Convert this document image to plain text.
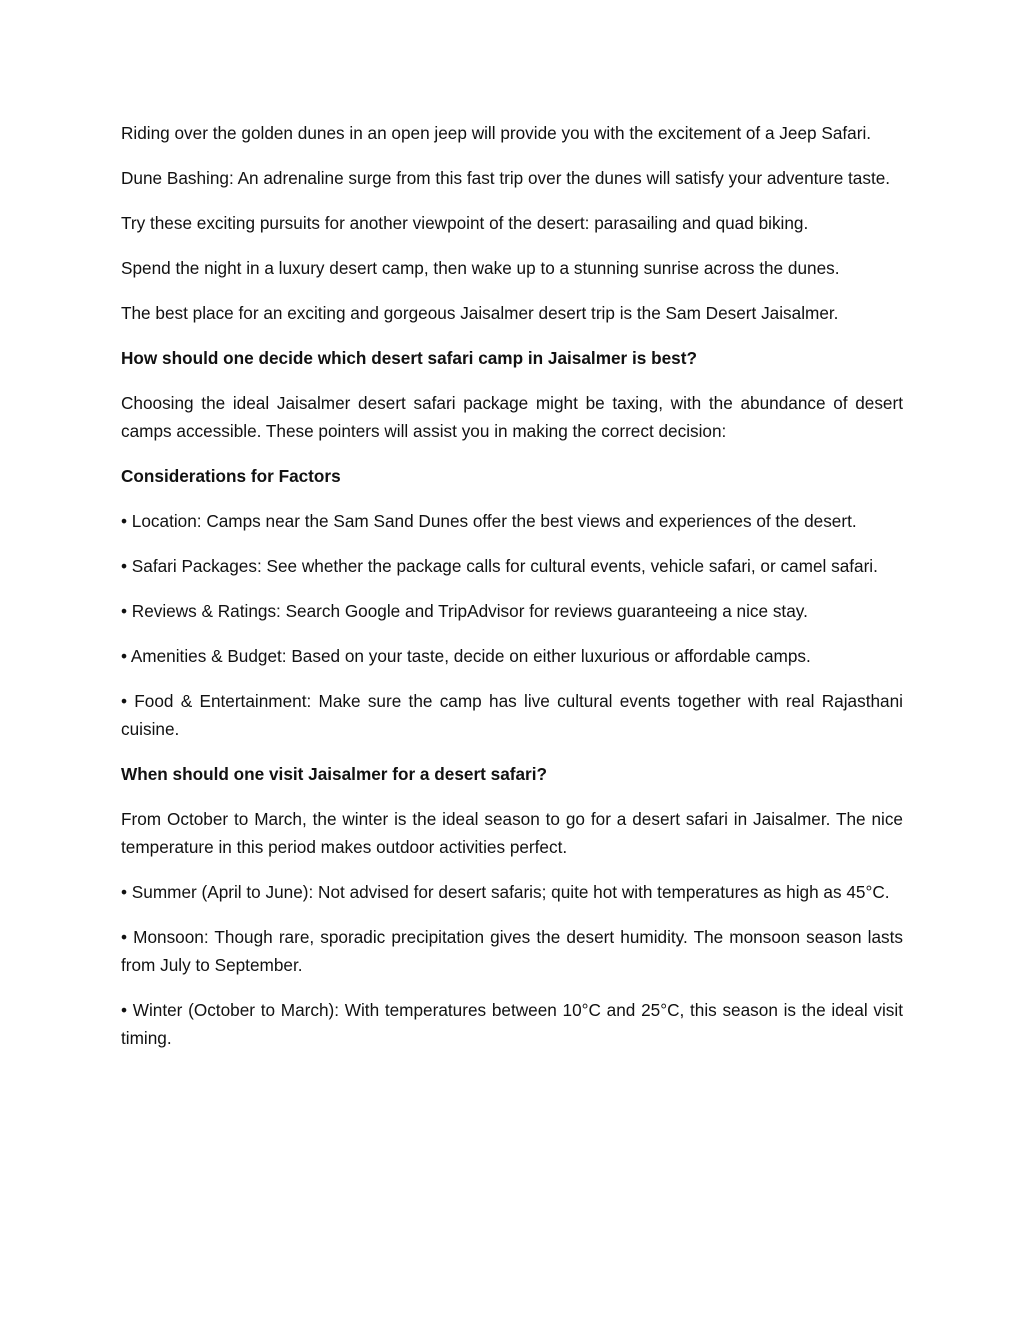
Riding over the golden dunes in an open jeep will provide you with the excitement of a Jeep Safari.

Dune Bashing: An adrenaline surge from this fast trip over the dunes will satisfy your adventure taste.

Try these exciting pursuits for another viewpoint of the desert: parasailing and quad biking.

Spend the night in a luxury desert camp, then wake up to a stunning sunrise across the dunes.

The best place for an exciting and gorgeous Jaisalmer desert trip is the Sam Desert Jaisalmer.

How should one decide which desert safari camp in Jaisalmer is best?

Choosing the ideal Jaisalmer desert safari package might be taxing, with the abundance of desert camps accessible. These pointers will assist you in making the correct decision:

Considerations for Factors

• Location: Camps near the Sam Sand Dunes offer the best views and experiences of the desert.

• Safari Packages: See whether the package calls for cultural events, vehicle safari, or camel safari.

• Reviews & Ratings: Search Google and TripAdvisor for reviews guaranteeing a nice stay.

• Amenities & Budget: Based on your taste, decide on either luxurious or affordable camps.

• Food & Entertainment: Make sure the camp has live cultural events together with real Rajasthani cuisine.

When should one visit Jaisalmer for a desert safari?

From October to March, the winter is the ideal season to go for a desert safari in Jaisalmer. The nice temperature in this period makes outdoor activities perfect.

• Summer (April to June): Not advised for desert safaris; quite hot with temperatures as high as 45°C.

• Monsoon: Though rare, sporadic precipitation gives the desert humidity. The monsoon season lasts from July to September.

• Winter (October to March): With temperatures between 10°C and 25°C, this season is the ideal visit timing.
